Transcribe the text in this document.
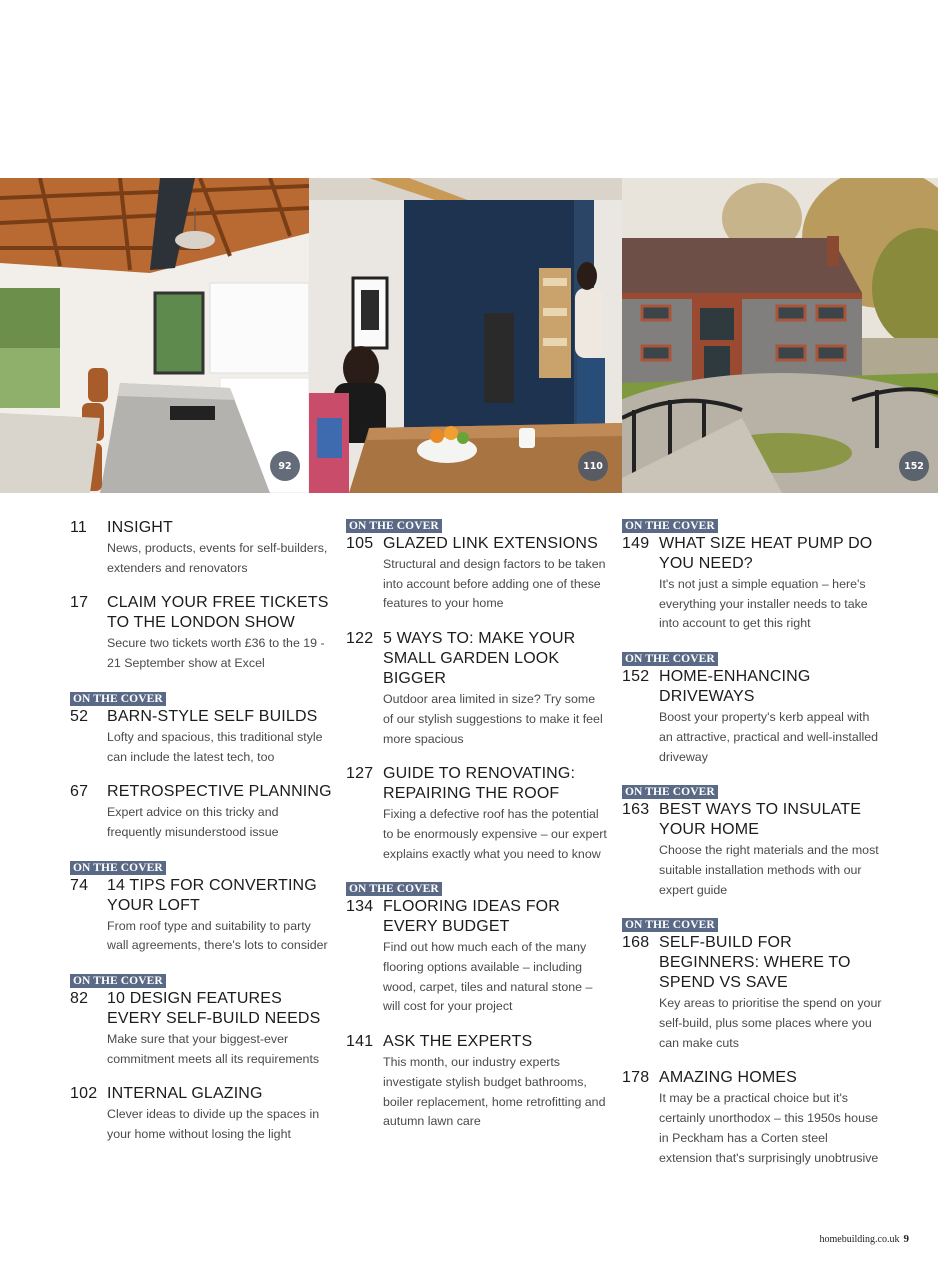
92	110	152
11	INSIGHT
News, products, events for self-builders, extenders and renovators
17	CLAIM YOUR FREE TICKETS TO THE LONDON SHOW
Secure two tickets worth £36 to the 19 - 21 September show at Excel
ON THE COVER
52	BARN-STYLE SELF BUILDS
Lofty and spacious, this traditional style can include the latest tech, too
67	RETROSPECTIVE PLANNING
Expert advice on this tricky and frequently misunderstood issue
ON THE COVER
74	14 TIPS FOR CONVERTING YOUR LOFT
From roof type and suitability to party wall agreements, there's lots to consider
ON THE COVER
82	10 DESIGN FEATURES EVERY SELF-BUILD NEEDS
Make sure that your biggest-ever commitment meets all its requirements
102 INTERNAL GLAZING
Clever ideas to divide up the spaces in your home without losing the light
ON THE COVER
105 GLAZED LINK EXTENSIONS
Structural and design factors to be taken into account before adding one of these features to your home
122 5 WAYS TO: MAKE YOUR SMALL GARDEN LOOK BIGGER
Outdoor area limited in size? Try some of our stylish suggestions to make it feel more spacious
127 GUIDE TO RENOVATING: REPAIRING THE ROOF
Fixing a defective roof has the potential to be enormously expensive – our expert explains exactly what you need to know
ON THE COVER
134 FLOORING IDEAS FOR EVERY BUDGET
Find out how much each of the many flooring options available – including wood, carpet, tiles and natural stone – will cost for your project
141 ASK THE EXPERTS
This month, our industry experts investigate stylish budget bathrooms, boiler replacement, home retrofitting and autumn lawn care
ON THE COVER
149 WHAT SIZE HEAT PUMP DO YOU NEED?
It's not just a simple equation – here's everything your installer needs to take into account to get this right
ON THE COVER
152 HOME-ENHANCING DRIVEWAYS
Boost your property's kerb appeal with an attractive, practical and well-installed driveway
ON THE COVER
163 BEST WAYS TO INSULATE YOUR HOME
Choose the right materials and the most suitable installation methods with our expert guide
ON THE COVER
168 SELF-BUILD FOR BEGINNERS: WHERE TO SPEND VS SAVE
Key areas to prioritise the spend on your self-build, plus some places where you can make cuts
178 AMAZING HOMES
It may be a practical choice but it's certainly unorthodox – this 1950s house in Peckham has a Corten steel extension that's surprisingly unobtrusive
homebuilding.co.uk 9
